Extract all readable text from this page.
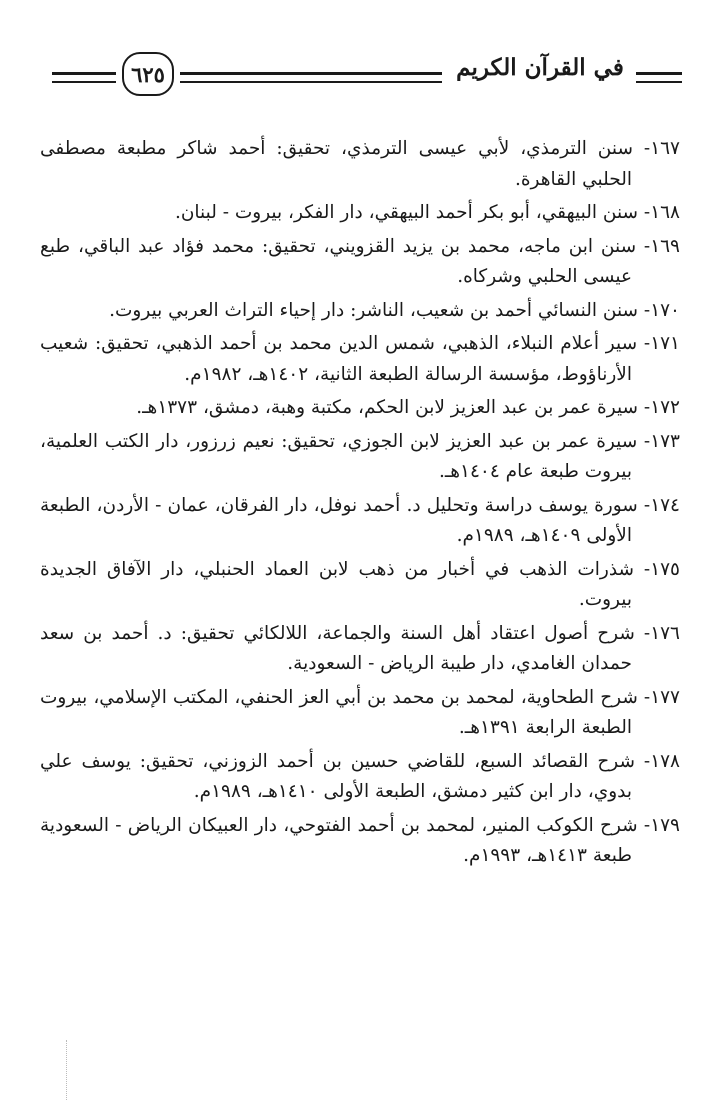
٦٢٥	في القرآن الكريم

١٦٧- سنن الترمذي، لأبي عيسى الترمذي، تحقيق: أحمد شاكر مطبعة مصطفى الحلبي القاهرة.

١٦٨- سنن البيهقي، أبو بكر أحمد البيهقي، دار الفكر، بيروت - لبنان.

١٦٩- سنن ابن ماجه، محمد بن يزيد القزويني، تحقيق: محمد فؤاد عبد الباقي، طبع عيسى الحلبي وشركاه.

١٧٠- سنن النسائي أحمد بن شعيب، الناشر: دار إحياء التراث العربي بيروت.

١٧١- سير أعلام النبلاء، الذهبي، شمس الدين محمد بن أحمد الذهبي، تحقيق: شعيب الأرناؤوط، مؤسسة الرسالة الطبعة الثانية، ١٤٠٢هـ، ١٩٨٢م.

١٧٢- سيرة عمر بن عبد العزيز لابن الحكم، مكتبة وهبة، دمشق، ١٣٧٣هـ.

١٧٣- سيرة عمر بن عبد العزيز لابن الجوزي، تحقيق: نعيم زرزور، دار الكتب العلمية، بيروت طبعة عام ١٤٠٤هـ.

١٧٤- سورة يوسف دراسة وتحليل د. أحمد نوفل، دار الفرقان، عمان - الأردن، الطبعة الأولى ١٤٠٩هـ، ١٩٨٩م.

١٧٥- شذرات الذهب في أخبار من ذهب لابن العماد الحنبلي، دار الآفاق الجديدة بيروت.

١٧٦- شرح أصول اعتقاد أهل السنة والجماعة، اللالكائي تحقيق: د. أحمد بن سعد حمدان الغامدي، دار طيبة الرياض - السعودية.

١٧٧- شرح الطحاوية، لمحمد بن محمد بن أبي العز الحنفي، المكتب الإسلامي، بيروت الطبعة الرابعة ١٣٩١هـ.

١٧٨- شرح القصائد السبع، للقاضي حسين بن أحمد الزوزني، تحقيق: يوسف علي بدوي، دار ابن كثير دمشق، الطبعة الأولى ١٤١٠هـ، ١٩٨٩م.

١٧٩- شرح الكوكب المنير، لمحمد بن أحمد الفتوحي، دار العبيكان الرياض - السعودية طبعة ١٤١٣هـ، ١٩٩٣م.
